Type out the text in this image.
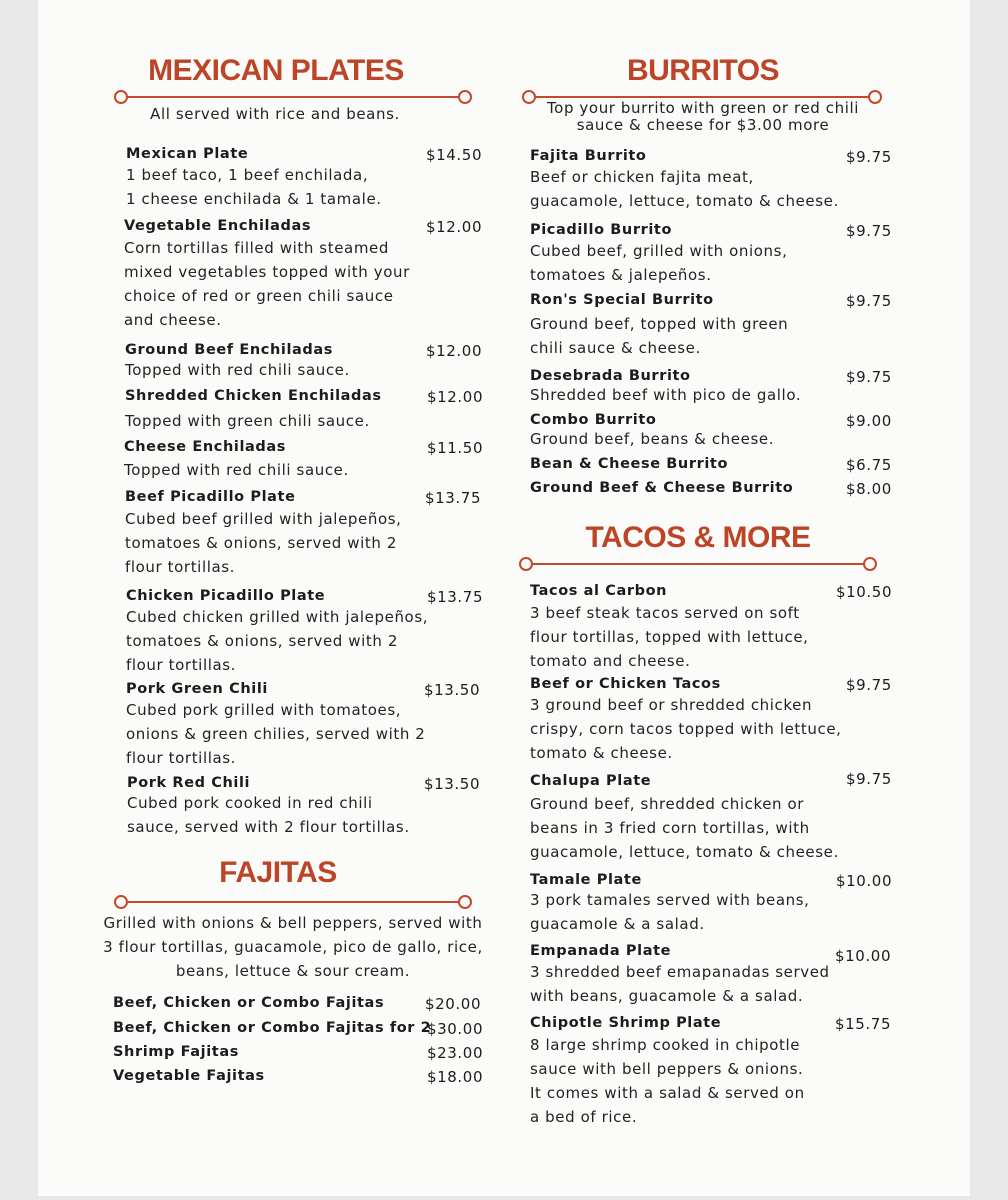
MEXICAN PLATES
All served with rice and beans.
Mexican Plate	$14.50
1 beef taco, 1 beef enchilada,
1 cheese enchilada & 1 tamale.
Vegetable Enchiladas	$12.00
Corn tortillas filled with steamed
mixed vegetables topped with your
choice of red or green chili sauce
and cheese.
Ground Beef Enchiladas	$12.00
Topped with red chili sauce.
Shredded Chicken Enchiladas	$12.00
Topped with green chili sauce.
Cheese Enchiladas	$11.50
Topped with red chili sauce.
Beef Picadillo Plate	$13.75
Cubed beef grilled with jalepeños,
tomatoes & onions, served with 2
flour tortillas.
Chicken Picadillo Plate	$13.75
Cubed chicken grilled with jalepeños,
tomatoes & onions, served with 2
flour tortillas.
Pork Green Chili	$13.50
Cubed pork grilled with tomatoes,
onions & green chilies, served with 2
flour tortillas.
Pork Red Chili	$13.50
Cubed pork cooked in red chili
sauce, served with 2 flour tortillas.
FAJITAS
Grilled with onions & bell peppers, served with
3 flour tortillas, guacamole, pico de gallo, rice,
beans, lettuce & sour cream.
Beef, Chicken or Combo Fajitas	$20.00
Beef, Chicken or Combo Fajitas for 2
$30.00
Shrimp Fajitas	$23.00
Vegetable Fajitas	$18.00
BURRITOS
Top your burrito with green or red chili
sauce & cheese for $3.00 more
Fajita Burrito	$9.75
Beef or chicken fajita meat,
guacamole, lettuce, tomato & cheese.
Picadillo Burrito	$9.75
Cubed beef, grilled with onions,
tomatoes & jalepeños.
Ron's Special Burrito	$9.75
Ground beef, topped with green
chili sauce & cheese.
Desebrada Burrito	$9.75
Shredded beef with pico de gallo.
Combo Burrito	$9.00
Ground beef, beans & cheese.
Bean & Cheese Burrito	$6.75
Ground Beef & Cheese Burrito	$8.00
TACOS & MORE
Tacos al Carbon	$10.50
3 beef steak tacos served on soft
flour tortillas, topped with lettuce,
tomato and cheese.
Beef or Chicken Tacos	$9.75
3 ground beef or shredded chicken
crispy, corn tacos topped with lettuce,
tomato & cheese.
Chalupa Plate	$9.75
Ground beef, shredded chicken or
beans in 3 fried corn tortillas, with
guacamole, lettuce, tomato & cheese.
Tamale Plate	$10.00
3 pork tamales served with beans,
guacamole & a salad.
Empanada Plate	$10.00
3 shredded beef emapanadas served
with beans, guacamole & a salad.
Chipotle Shrimp Plate	$15.75
8 large shrimp cooked in chipotle
sauce with bell peppers & onions.
It comes with a salad & served on
a bed of rice.
